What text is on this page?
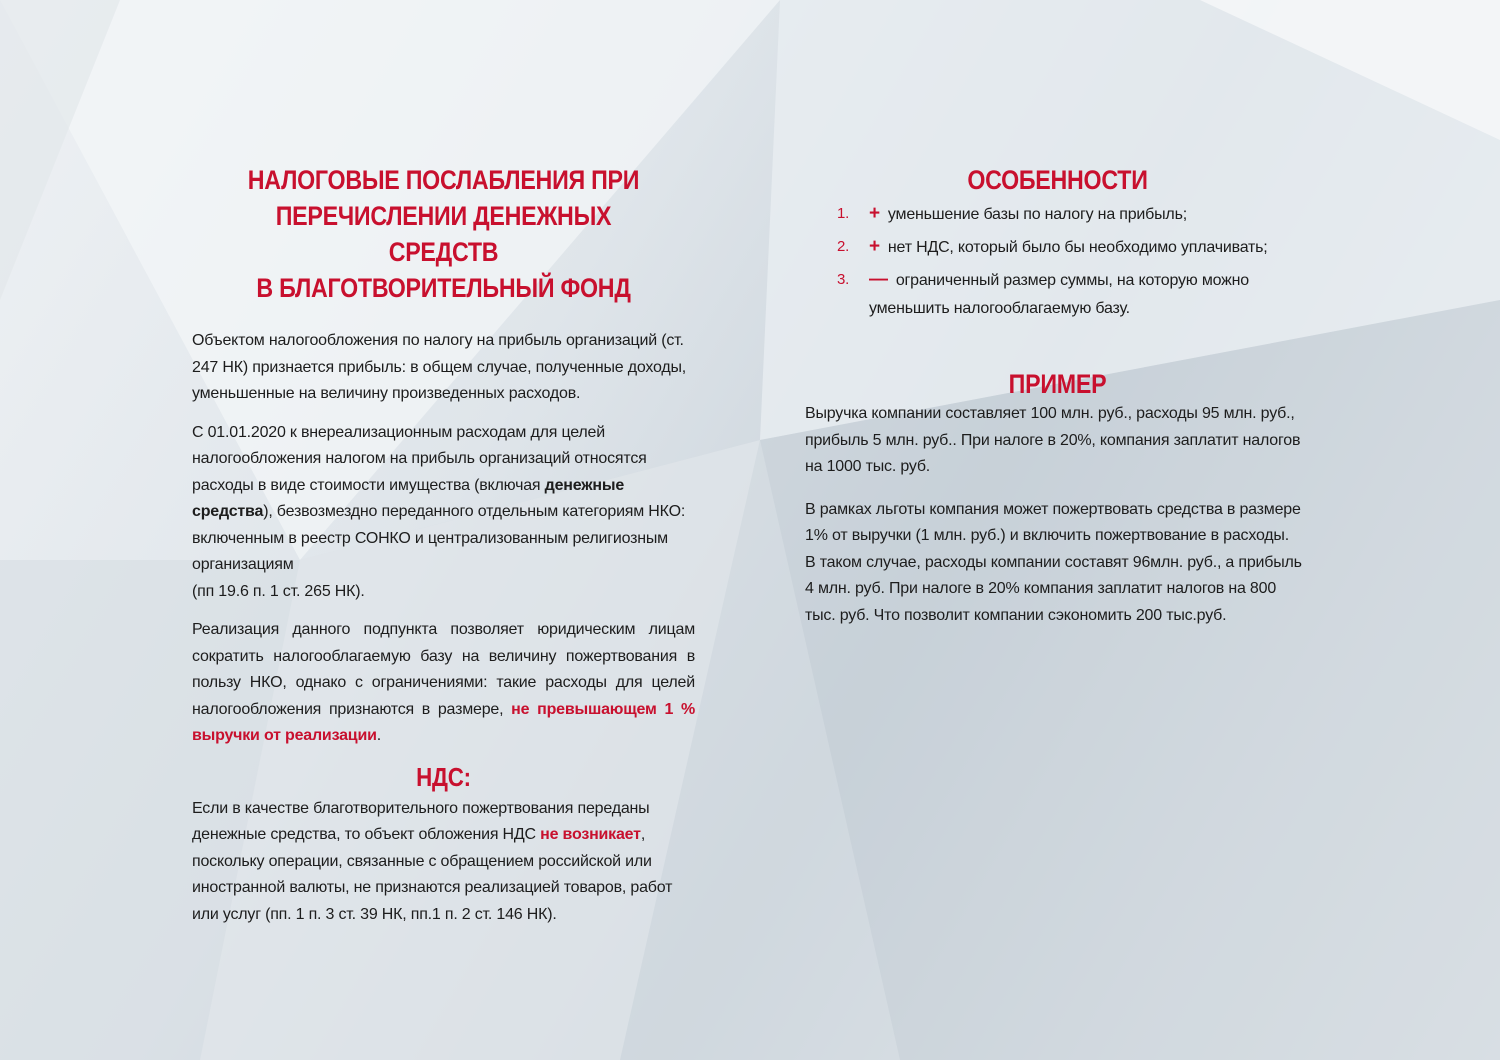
НАЛОГОВЫЕ ПОСЛАБЛЕНИЯ ПРИ
ПЕРЕЧИСЛЕНИИ ДЕНЕЖНЫХ СРЕДСТВ
В БЛАГОТВОРИТЕЛЬНЫЙ ФОНД

Объектом налогообложения по налогу на прибыль организаций (ст. 247 НК) признается прибыль: в общем случае, полученные доходы, уменьшенные на величину произведенных расходов.

С 01.01.2020 к внереализационным расходам для целей налогообложения налогом на прибыль организаций относятся расходы в виде стоимости имущества (включая денежные средства), безвозмездно переданного отдельным категориям НКО: включенным в реестр СОНКО и централизованным религиозным организациям
(пп 19.6 п. 1 ст. 265 НК).

Реализация данного подпункта позволяет юридическим лицам сократить налогооблагаемую базу на величину пожертвования в пользу НКО, однако с ограничениями: такие расходы для целей налогообложения признаются в размере, не превышающем 1 % выручки от реализации.

НДС:

Если в качестве благотворительного пожертвования переданы денежные средства, то объект обложения НДС не возникает, поскольку операции, связанные с обращением российской или иностранной валюты, не признаются реализацией товаров, работ или услуг (пп. 1 п. 3 ст. 39 НК, пп.1 п. 2 ст. 146 НК).

ОСОБЕННОСТИ
1. + уменьшение базы по налогу на прибыль;
2. + нет НДС, который было бы необходимо уплачивать;
3. — ограниченный размер суммы, на которую можно уменьшить налогооблагаемую базу.
ПРИМЕР

Выручка компании составляет 100 млн. руб., расходы 95 млн. руб., прибыль 5 млн. руб.. При налоге в 20%, компания заплатит налогов на 1000 тыс. руб.

В рамках льготы компания может пожертвовать средства в размере 1% от выручки (1 млн. руб.) и включить пожертвование в расходы.
В таком случае, расходы компании составят 96млн. руб., а прибыль 4 млн. руб. При налоге в 20% компания заплатит налогов на 800 тыс. руб. Что позволит компании сэкономить 200 тыс.руб.
